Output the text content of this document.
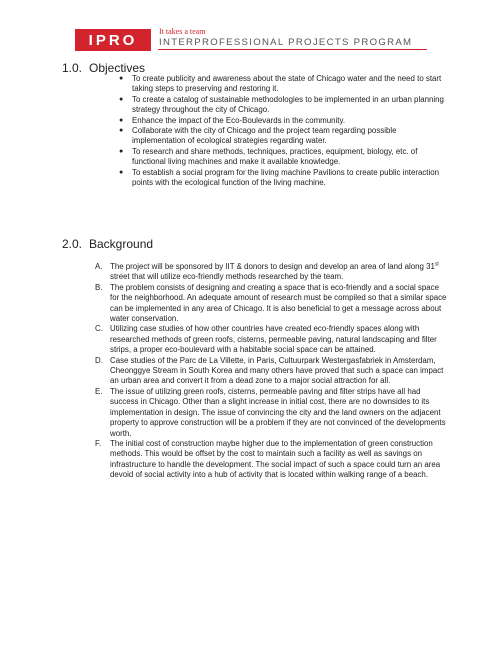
IPRO	It takes a team
INTERPROFESSIONAL PROJECTS PROGRAM
1.0. Objectives
● To create publicity and awareness about the state of Chicago water and the need to start taking steps to preserving and restoring it.
● To create a catalog of sustainable methodologies to be implemented in an urban planning strategy throughout the city of Chicago.
● Enhance the impact of the Eco-Boulevards in the community.
● Collaborate with the city of Chicago and the project team regarding possible implementation of ecological strategies regarding water.
● To research and share methods, techniques, practices, equipment, biology, etc. of functional living machines and make it available knowledge.
● To establish a social program for the living machine Pavilions to create public interaction points with the ecological function of the living machine.
2.0. Background
A. The project will be sponsored by IIT & donors to design and develop an area of land along 31st street that will utilize eco-friendly methods researched by the team.
B. The problem consists of designing and creating a space that is eco-friendly and a social space for the neighborhood. An adequate amount of research must be compiled so that a similar space can be implemented in any area of Chicago. It is also beneficial to get a message across about water conservation.
C. Utilizing case studies of how other countries have created eco-friendly spaces along with researched methods of green roofs, cisterns, permeable paving, natural landscaping and filter strips, a proper eco-boulevard with a habitable social space can be attained.
D. Case studies of the Parc de La Villette, in Paris, Cultuurpark Westergasfabriek in Amsterdam, Cheonggye Stream in South Korea and many others have proved that such a space can impact an urban area and convert it from a dead zone to a major social attraction for all.
E. The issue of utilizing green roofs, cisterns, permeable paving and filter strips have all had success in Chicago. Other than a slight increase in initial cost, there are no downsides to its implementation in design. The issue of convincing the city and the land owners on the adjacent property to approve construction will be a problem if they are not convinced of the developments worth.
F. The initial cost of construction maybe higher due to the implementation of green construction methods. This would be offset by the cost to maintain such a facility as well as savings on infrastructure to handle the development. The social impact of such a space could turn an area devoid of social activity into a hub of activity that is located within walking range of a beach.
